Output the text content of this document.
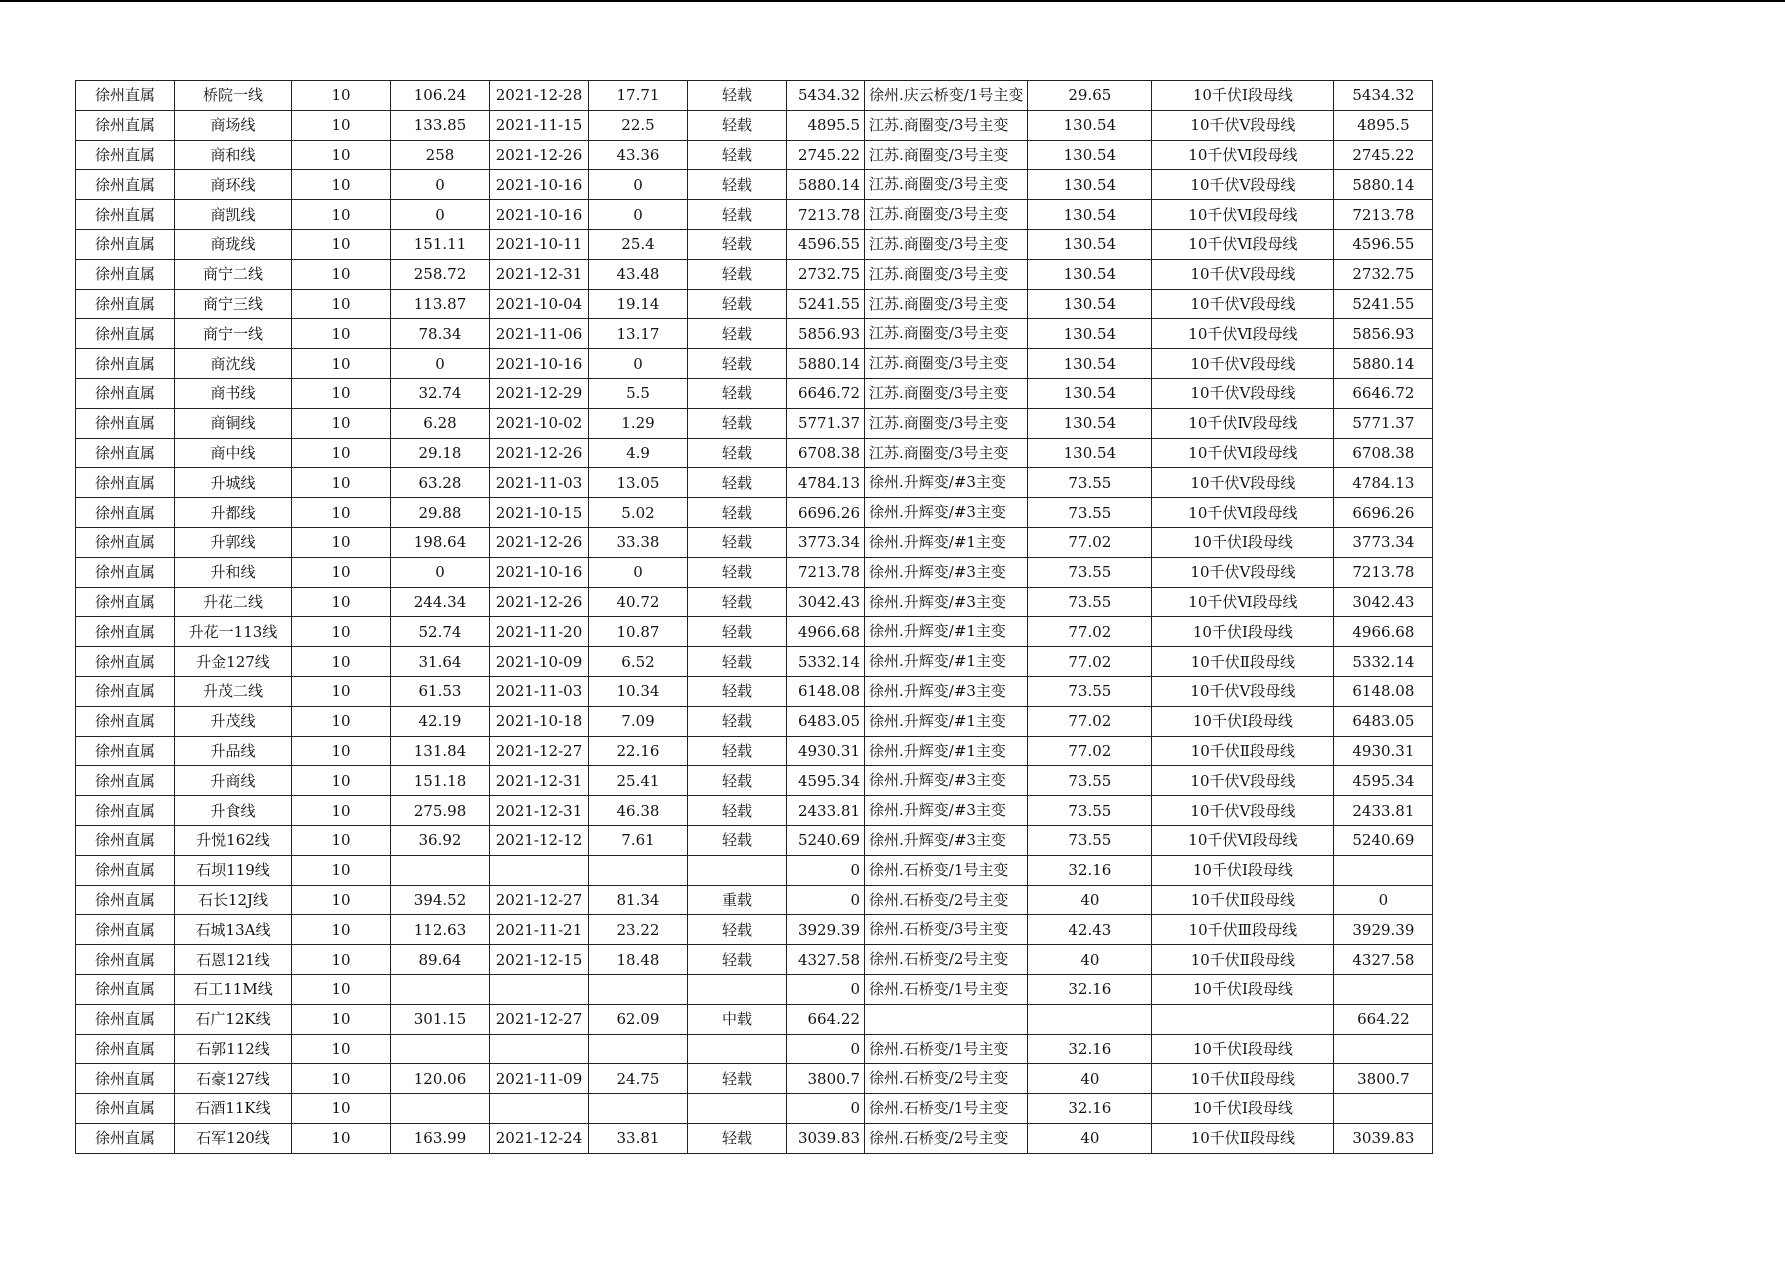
徐州直属	桥院一线	10	106.24	2021-12-28	17.71	轻载	5434.32	徐州.庆云桥变/1号主变	29.65	10千伏Ⅰ段母线	5434.32
徐州直属	商场线	10	133.85	2021-11-15	22.5	轻载	4895.5	江苏.商圈变/3号主变	130.54	10千伏Ⅴ段母线	4895.5
徐州直属	商和线	10	258	2021-12-26	43.36	轻载	2745.22	江苏.商圈变/3号主变	130.54	10千伏Ⅵ段母线	2745.22
徐州直属	商环线	10	0	2021-10-16	0	轻载	5880.14	江苏.商圈变/3号主变	130.54	10千伏Ⅴ段母线	5880.14
徐州直属	商凯线	10	0	2021-10-16	0	轻载	7213.78	江苏.商圈变/3号主变	130.54	10千伏Ⅵ段母线	7213.78
徐州直属	商珑线	10	151.11	2021-10-11	25.4	轻载	4596.55	江苏.商圈变/3号主变	130.54	10千伏Ⅵ段母线	4596.55
徐州直属	商宁二线	10	258.72	2021-12-31	43.48	轻载	2732.75	江苏.商圈变/3号主变	130.54	10千伏Ⅴ段母线	2732.75
徐州直属	商宁三线	10	113.87	2021-10-04	19.14	轻载	5241.55	江苏.商圈变/3号主变	130.54	10千伏Ⅴ段母线	5241.55
徐州直属	商宁一线	10	78.34	2021-11-06	13.17	轻载	5856.93	江苏.商圈变/3号主变	130.54	10千伏Ⅵ段母线	5856.93
徐州直属	商沈线	10	0	2021-10-16	0	轻载	5880.14	江苏.商圈变/3号主变	130.54	10千伏Ⅴ段母线	5880.14
徐州直属	商书线	10	32.74	2021-12-29	5.5	轻载	6646.72	江苏.商圈变/3号主变	130.54	10千伏Ⅴ段母线	6646.72
徐州直属	商铜线	10	6.28	2021-10-02	1.29	轻载	5771.37	江苏.商圈变/3号主变	130.54	10千伏Ⅳ段母线	5771.37
徐州直属	商中线	10	29.18	2021-12-26	4.9	轻载	6708.38	江苏.商圈变/3号主变	130.54	10千伏Ⅵ段母线	6708.38
徐州直属	升城线	10	63.28	2021-11-03	13.05	轻载	4784.13	徐州.升辉变/#3主变	73.55	10千伏Ⅴ段母线	4784.13
徐州直属	升都线	10	29.88	2021-10-15	5.02	轻载	6696.26	徐州.升辉变/#3主变	73.55	10千伏Ⅵ段母线	6696.26
徐州直属	升郭线	10	198.64	2021-12-26	33.38	轻载	3773.34	徐州.升辉变/#1主变	77.02	10千伏Ⅰ段母线	3773.34
徐州直属	升和线	10	0	2021-10-16	0	轻载	7213.78	徐州.升辉变/#3主变	73.55	10千伏Ⅴ段母线	7213.78
徐州直属	升花二线	10	244.34	2021-12-26	40.72	轻载	3042.43	徐州.升辉变/#3主变	73.55	10千伏Ⅵ段母线	3042.43
徐州直属	升花一113线	10	52.74	2021-11-20	10.87	轻载	4966.68	徐州.升辉变/#1主变	77.02	10千伏Ⅰ段母线	4966.68
徐州直属	升金127线	10	31.64	2021-10-09	6.52	轻载	5332.14	徐州.升辉变/#1主变	77.02	10千伏Ⅱ段母线	5332.14
徐州直属	升茂二线	10	61.53	2021-11-03	10.34	轻载	6148.08	徐州.升辉变/#3主变	73.55	10千伏Ⅴ段母线	6148.08
徐州直属	升茂线	10	42.19	2021-10-18	7.09	轻载	6483.05	徐州.升辉变/#1主变	77.02	10千伏Ⅰ段母线	6483.05
徐州直属	升品线	10	131.84	2021-12-27	22.16	轻载	4930.31	徐州.升辉变/#1主变	77.02	10千伏Ⅱ段母线	4930.31
徐州直属	升商线	10	151.18	2021-12-31	25.41	轻载	4595.34	徐州.升辉变/#3主变	73.55	10千伏Ⅴ段母线	4595.34
徐州直属	升食线	10	275.98	2021-12-31	46.38	轻载	2433.81	徐州.升辉变/#3主变	73.55	10千伏Ⅴ段母线	2433.81
徐州直属	升悦162线	10	36.92	2021-12-12	7.61	轻载	5240.69	徐州.升辉变/#3主变	73.55	10千伏Ⅵ段母线	5240.69
徐州直属	石坝119线	10					0	徐州.石桥变/1号主变	32.16	10千伏Ⅰ段母线	
徐州直属	石长12J线	10	394.52	2021-12-27	81.34	重载	0	徐州.石桥变/2号主变	40	10千伏Ⅱ段母线	0
徐州直属	石城13A线	10	112.63	2021-11-21	23.22	轻载	3929.39	徐州.石桥变/3号主变	42.43	10千伏Ⅲ段母线	3929.39
徐州直属	石恩121线	10	89.64	2021-12-15	18.48	轻载	4327.58	徐州.石桥变/2号主变	40	10千伏Ⅱ段母线	4327.58
徐州直属	石工11M线	10					0	徐州.石桥变/1号主变	32.16	10千伏Ⅰ段母线	
徐州直属	石广12K线	10	301.15	2021-12-27	62.09	中载	664.22				664.22
徐州直属	石郭112线	10					0	徐州.石桥变/1号主变	32.16	10千伏Ⅰ段母线	
徐州直属	石豪127线	10	120.06	2021-11-09	24.75	轻载	3800.7	徐州.石桥变/2号主变	40	10千伏Ⅱ段母线	3800.7
徐州直属	石酒11K线	10					0	徐州.石桥变/1号主变	32.16	10千伏Ⅰ段母线	
徐州直属	石军120线	10	163.99	2021-12-24	33.81	轻载	3039.83	徐州.石桥变/2号主变	40	10千伏Ⅱ段母线	3039.83
